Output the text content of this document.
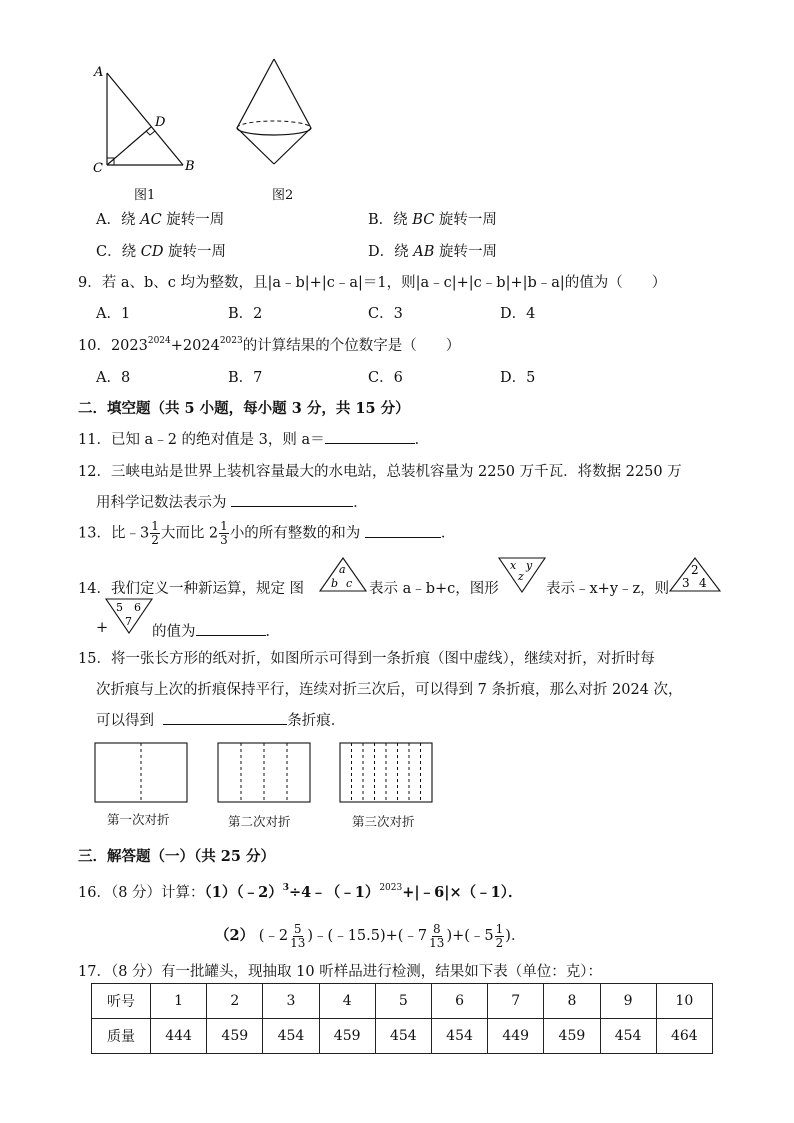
A
D
C	B
图1	图2
A．绕 AC 旋转一周	B．绕 BC 旋转一周
C．绕 CD 旋转一周	D．绕 AB 旋转一周
9．若 a、b、c 均为整数，且|a﹣b|+|c﹣a|＝1，则|a﹣c|+|c﹣b|+|b﹣a|的值为（　　）
A．1	B．2	C．3	D．4
10．$2023^{2024}+2024^{2023}$的计算结果的个位数字是（　　）
A．8	B．7	C．6	D．5
二．填空题（共 5 小题，每小题 3 分，共 15 分）
11．已知 a﹣2 的绝对值是 3，则 a＝	．
12．三峡电站是世界上装机容量最大的水电站，总装机容量为 2250 万千瓦．将数据 2250 万
用科学记数法表示为	．
13．比﹣3 $\frac{1}{2}$ 大而比 $2 \frac{1}{3}$ 小的所有整数的和为	．
14．我们定义一种新运算，规定 图
a
b c 表示 a﹣b+c，图形
x y
z
表示﹣x+y﹣z，则
2
3 4
+
5 6
7
的值为	．
15．将一张长方形的纸对折，如图所示可得到一条折痕（图中虚线），继续对折，对折时每
次折痕与上次的折痕保持平行，连续对折三次后，可以得到 7 条折痕，那么对折 2024 次，
可以得到	条折痕．
第一次对折	第二次对折	第三次对折
三．解答题（一）（共 25 分）
16．（8 分）计算：（1）（﹣2）$^3$÷4﹣（﹣1）$^{2023}$+|﹣6|×（﹣1）．
（2） (﹣2 $\frac{5}{13}$ )﹣(﹣15.5)+(﹣7 $\frac{8}{13}$ )+(﹣5 $\frac{1}{2}$ )．
17．（8 分）有一批罐头，现抽取 10 听样品进行检测，结果如下表（单位：克）：
听号	1	2	3	4	5	6	7	8	9	10
质量	444	459	454	459	454	454	449	459	454	464
